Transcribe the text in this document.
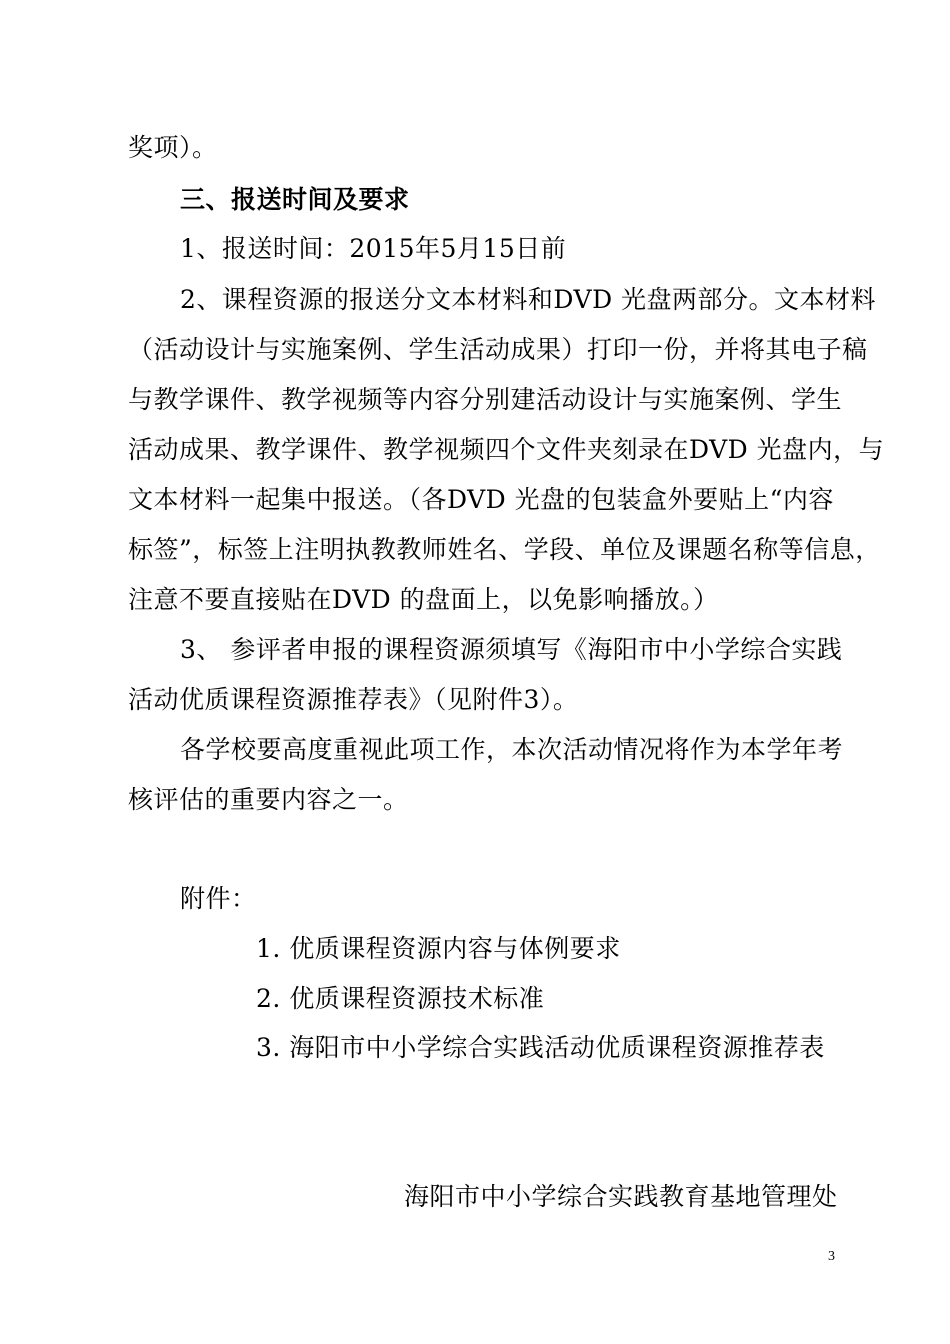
奖项）。
三、报送时间及要求
1、报送时间：2015年5月15日前
2、课程资源的报送分文本材料和DVD 光盘两部分。文本材料
（活动设计与实施案例、学生活动成果）打印一份，并将其电子稿
与教学课件、教学视频等内容分别建活动设计与实施案例、学生
活动成果、教学课件、教学视频四个文件夹刻录在DVD 光盘内，与
文本材料一起集中报送。（各DVD 光盘的包装盒外要贴上“内容
标签”，标签上注明执教教师姓名、学段、单位及课题名称等信息，
注意不要直接贴在DVD 的盘面上，以免影响播放。）
3、 参评者申报的课程资源须填写《海阳市中小学综合实践
活动优质课程资源推荐表》（见附件3）。
各学校要高度重视此项工作，本次活动情况将作为本学年考
核评估的重要内容之一。
附件：
1. 优质课程资源内容与体例要求
2. 优质课程资源技术标准
3. 海阳市中小学综合实践活动优质课程资源推荐表
海阳市中小学综合实践教育基地管理处
3
